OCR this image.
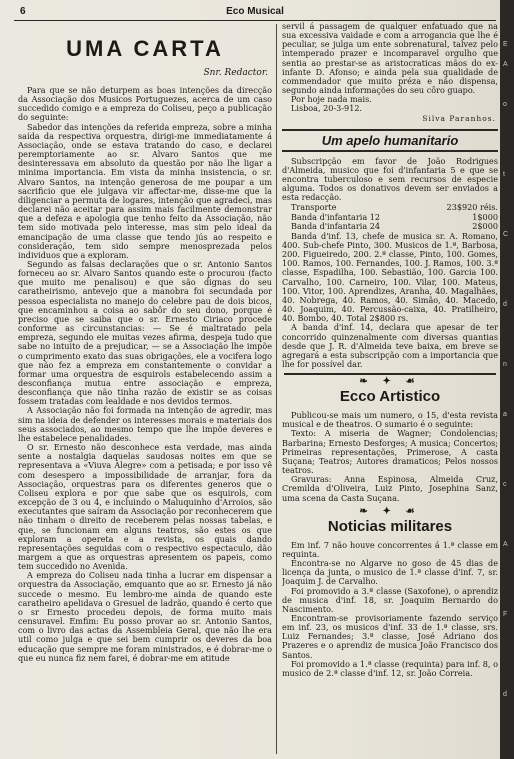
6	Eco Musical
UMA CARTA
Snr. Redactor.

Para que se não deturpem as boas intenções da direcção da Associação dos Musicos Portuguezes, acerca de um caso succedido comigo e a empreza do Coliseu, peço a publicação do seguinte:

Sabedor das intenções da referida empreza, sobre a minha saída da respectiva orquestra, dirigi-me immediatamente á Associação, onde se estava tratando do caso, e declarei peremptoriamente ao sr. Alvaro Santos que me desinteressava em absoluto da questão por não lhe ligar a minima importancia. Em vista da minha insistencia, o sr. Alvaro Santos, na intenção generosa de me poupar a um sacrificio que ele julgava vir affectar-me, disse-me que la diligenciar a permuta de logares, intenção que agradeci, mas declarei não aceitar para assim mais facilmente demonstrar que a defeza e apologia que tenho feito da Associação, não tem sido motivada pelo interesse, mas sim pelo ideal da emancipação de uma classe que tendo jús ao respeito e consideração, tem sido sempre menosprezada pelos individuos que a exploram.

Segundo as falsas declarações que o sr. Antonio Santos forneceu ao sr. Alvaro Santos quando este o procurou (facto que muito me penalisou) e que são dignas do seu caratheirismo, antevejo que a manobra foi secundada por pessoa especialista no manejo do celebre pau de dois bicos, que encaminhou a coisa ao sabôr do seu dono, porque é preciso que se saiba que o sr. Ernesto Ciriaco procede conforme as circunstancias: — Se é maltratado pela empreza, segundo ele muitas vezes afirma, despeja tudo que sabe no intuito de a prejudicar, — se a Associação lhe impõe o cumprimento exato das suas obrigações, ele a vocifera logo que não fez a empreza em constantemente o convidar a formar uma orquestra de esquirols estabelecendo assim a desconfiança mutua entre associação e empreza, desconfiança que não tinha razão de existir se as coisas fossem tratadas com lealdade e nos devidos termos.

A Associação não foi formada na intenção de agredir, mas sim na ideia de defender os interesses morais e materiais dos seus associados, ao mesmo tempo que lhe impõe deveres e lhe estabelece penalidades.

O sr. Ernesto não desconhece esta verdade, mas ainda sente a nostalgia daquelas saudosas noites em que se representava a «Viuva Alegre» com a petisada; e por isso vê com desespero a impossibilidade de arranjar, fora da Associação, orquestras para os diferentes generos que o Coliseu explora e por que sabe que os esquirols, com excepção de 3 ou 4, e incluindo o Maluquinho d'Arroios, são executantes que saíram da Associação por reconhecerem que não tinham o direito de receberem pelas nossas tabelas, e que, se funcionam em alguns teatros, são estes os que exploram a opereta e a revista, os quais dando representações seguidas com o respectivo espectaculo, dão margem a que as orquestras apresentem os papeis, como tem succedido no Avenida.

A empreza do Coliseu nada tinha a lucrar em dispensar a orquestra da Associação, emquanto que ao sr. Ernesto já não succede o mesmo. Eu lembro-me ainda de quando este caratheiro apelidava o Gresuel de ladrão, quando é certo que o sr Ernesto procedeu depois, de forma muito mais censuravel. Emfim: Eu posso provar ao sr. Antonio Santos, com o livro das actas da Assembleia Geral, que não lhe era util como julga e que sei bem cumprir os deveres da boa educação que sempre me foram ministrados, e é dobrar-me o que eu nunca fiz nem farei, é dobrar-me em atitude

servil á passagem de qualquer enfatuado que na sua excessiva vaidade e com a arrogancia que lhe é peculiar, se julga um ente sobrenatural, talvez pelo intemperado prazer e incomparavel orgulho que sentia ao prestar-se as aristocraticas mãos do ex-infante D. Afonso; e ainda pela sua qualidade de commendador que muito préza e não dispensa, segundo ainda informações do seu côro guapo.

Por hoje nada mais.

Lisboa, 20-3-912.

Silva Paranhos.
Um apelo humanitario

Subscripção em favor de João Rodrigues d'Almeida, musico que foi d'infantaria 5 e que se encontra tuberculoso e sem recursos de especie alguma. Todos os donativos devem ser enviados a esta redacção.

Transporte	23$920 réis.
Banda d'infantaria 12	1$000
Banda d'infantaria 24	2$000

Banda d'inf. 13, chefe de musica sr. A. Romano, 400. Sub-chefe Pinto, 300. Musicos de 1.ª, Barbosa, 200. Figueiredo, 200. 2.ª classe, Pinto, 100. Gomes, 100. Ramos, 100. Fernandes, 100. J. Ramos, 100. 3.ª classe, Espadilha, 100. Sebastião, 100. Garcia 100. Carvalho, 100. Carneiro, 100. Vilar, 100. Mateus, 100. Vitor, 100. Aprendizes, Aranha, 40. Magalhães, 40. Nobrega, 40. Ramos, 40. Simão, 40. Macedo, 40. Joaquim, 40. Percussão-caixa, 40. Pratilheiro, 40. Bombo, 40. Total 2$800 rs.

A banda d'inf. 14, declara que apesar de ter concorrido quinzenalmente com diversas quantias desde que J. R. d'Almeida teve baixa, em breve se agregará a esta subscripção com a importancia que lhe for possível dar.

❧ ✦ ☙
Ecco Artistico

Publicou-se mais um numero, o 15, d'esta revista musical e de theatros. O sumario é o seguinte:

Texto: A miseria de Wagner; Condolencias; Barbarina; Ernesto Desforges; A musica; Concertos; Primeiras representações, Primerose, A casta Suçana; Teatros; Autores dramaticos; Pelos nossos teatros.

Gravuras: Anna Espinosa, Almeida Cruz, Cremilda d'Oliveira, Luiz Pinto, Josephina Sanz, uma scena da Casta Suçana.

❧ ✦ ☙
Noticias militares

Em inf. 7 não houve concorrentes á 1.ª classe em requinta.

Encontra-se no Algarve no goso de 45 dias de licença da junta, o musico de 1.ª classe d'inf. 7, sr. Joaquim J. de Carvalho.

Foi promovido a 3.ª classe (Saxofone), o aprendiz de musica d'inf. 18, sr. Joaquim Bernardo do Nascimento.

Encontram-se provisoriamente fazendo serviço em inf. 23, os musicos d'inf. 33 de 1.ª classe, srs. Luiz Fernandes; 3.ª classe, José Adriano dos Prazeres e o aprendiz de musica João Francisco dos Santos.

Foi promovido a 1.ª classe (requinta) para inf. 8, o musico de 2.ª classe d'inf. 12, sr. João Correia.

E
A
o
t
C
d
n
a
c
A
F
d
